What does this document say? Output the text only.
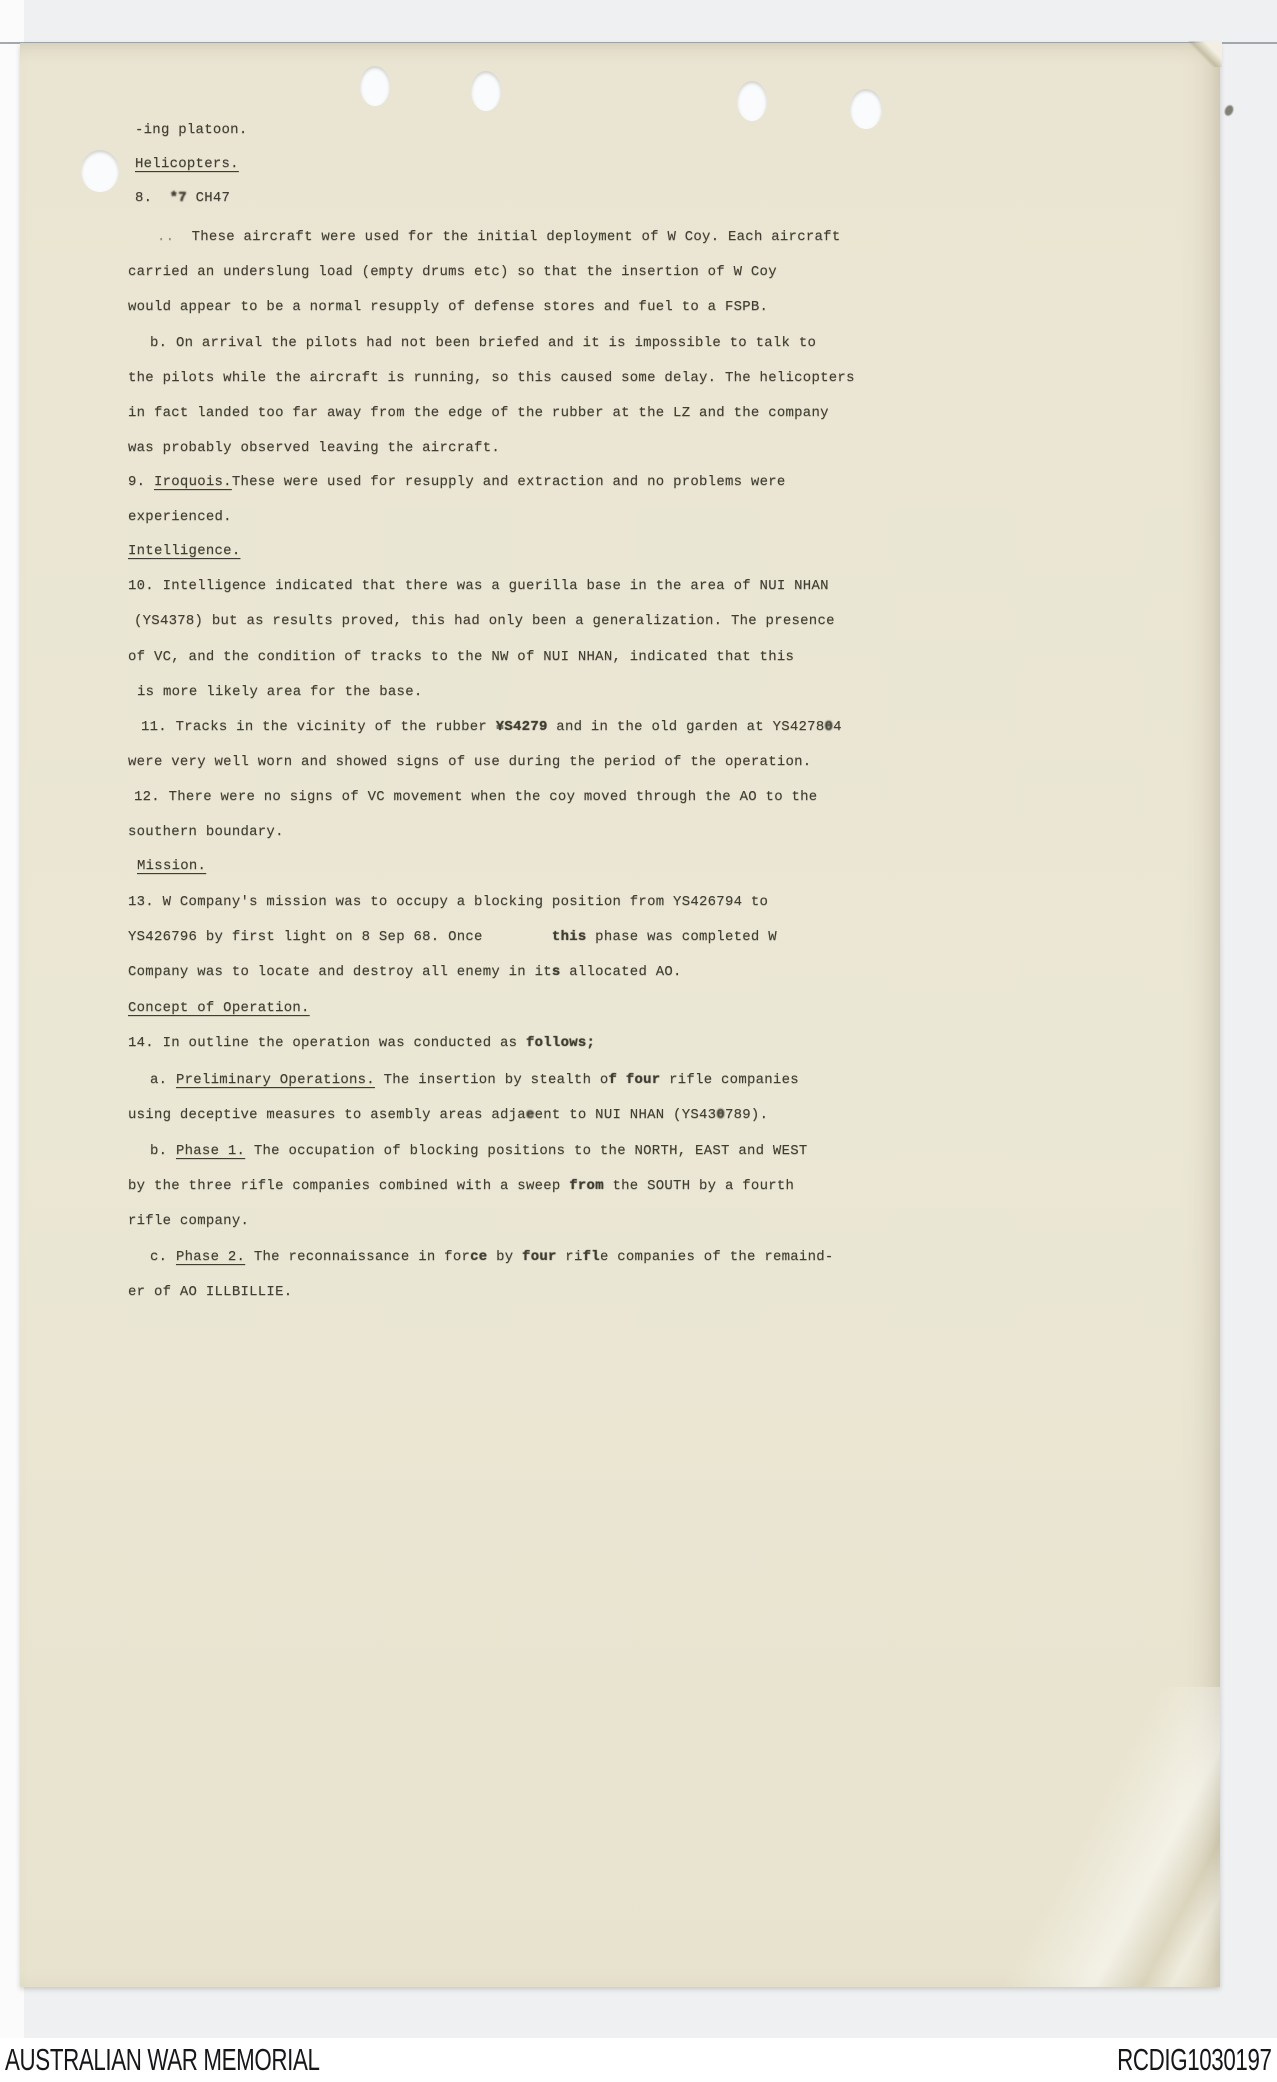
-ing platoon.
Helicopters.
8.  *7 CH47
..  These aircraft were used for the initial deployment of W Coy. Each aircraft
carried an underslung load (empty drums etc) so that the insertion of W Coy
would appear to be a normal resupply of defense stores and fuel to a FSPB.
b. On arrival the pilots had not been briefed and it is impossible to talk to
the pilots while the aircraft is running, so this caused some delay. The helicopters
in fact landed too far away from the edge of the rubber at the LZ and the company
was probably observed leaving the aircraft.
9. Iroquois.These were used for resupply and extraction and no problems were
experienced.
Intelligence.
10. Intelligence indicated that there was a guerilla base in the area of NUI NHAN
(YS4378) but as results proved, this had only been a generalization. The presence
of VC, and the condition of tracks to the NW of NUI NHAN, indicated that this
is more likely area for the base.
11. Tracks in the vicinity of the rubber ¥S4279 and in the old garden at YS427804
were very well worn and showed signs of use during the period of the operation.
12. There were no signs of VC movement when the coy moved through the AO to the
southern boundary.
Mission.
13. W Company's mission was to occupy a blocking position from YS426794 to
YS426796 by first light on 8 Sep 68. Once        this phase was completed W
Company was to locate and destroy all enemy in its allocated AO.
Concept of Operation.
14. In outline the operation was conducted as follows;
a. Preliminary Operations. The insertion by stealth of four rifle companies
using deceptive measures to asembly areas adjaeent to NUI NHAN (YS430789).
b. Phase 1. The occupation of blocking positions to the NORTH, EAST and WEST
by the three rifle companies combined with a sweep from the SOUTH by a fourth
rifle company.
c. Phase 2. The reconnaissance in force by four rifle companies of the remaind-
er of AO ILLBILLIE.
AUSTRALIAN WAR MEMORIAL	RCDIG1030197
